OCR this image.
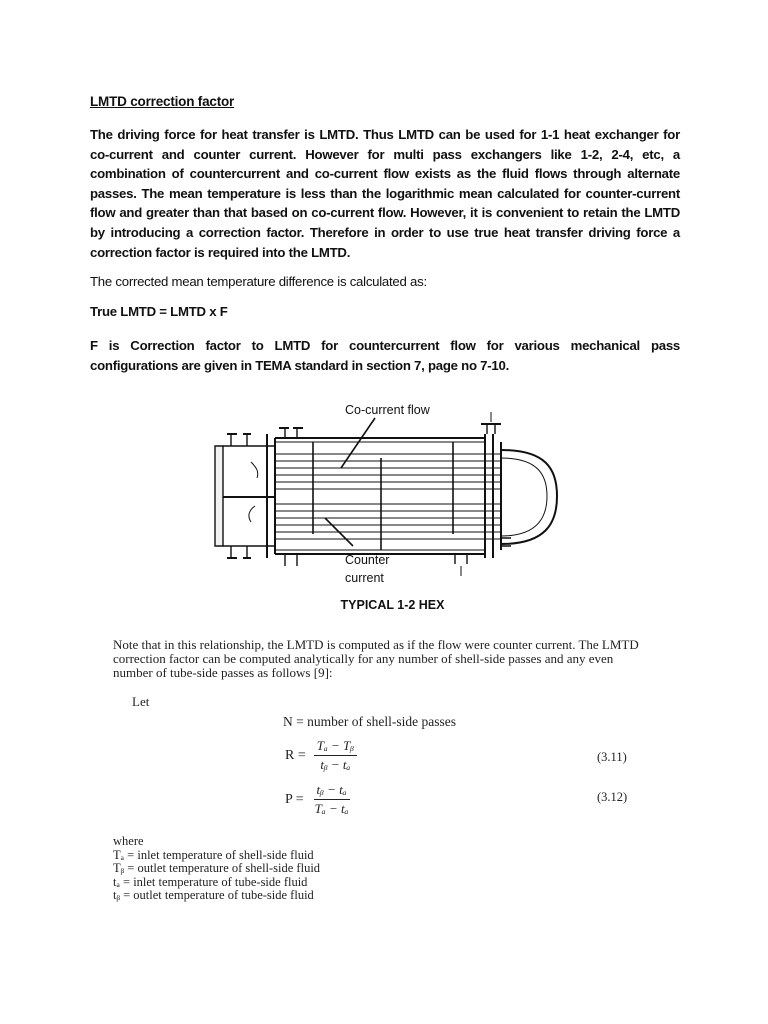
LMTD correction factor
The driving force for heat transfer is LMTD. Thus LMTD can be used for 1-1 heat exchanger for co-current and counter current. However for multi pass exchangers like 1-2, 2-4, etc, a combination of countercurrent and co-current flow exists as the fluid flows through alternate passes. The mean temperature is less than the logarithmic mean calculated for counter-current flow and greater than that based on co-current flow. However, it is convenient to retain the LMTD by introducing a correction factor. Therefore in order to use true heat transfer driving force a correction factor is required into the LMTD.
The corrected mean temperature difference is calculated as:
True LMTD = LMTD x F
F is Correction factor to LMTD for countercurrent flow for various mechanical pass configurations are given in TEMA standard in section 7, page no 7-10.
Co-current flow
Counter
current
TYPICAL 1-2 HEX
Note that in this relationship, the LMTD is computed as if the flow were counter current. The LMTD correction factor can be computed analytically for any number of shell-side passes and any even number of tube-side passes as follows [9]:
Let
N = number of shell-side passes
$R = \frac{\text{Tₐ − Tᵦ}}{\text{tᵦ − tₐ}}$	(3.11)
$P = \frac{\text{tᵦ − tₐ}}{\text{Tₐ − tₐ}}$	(3.12)
where
Tₐ = inlet temperature of shell-side fluid
Tᵦ = outlet temperature of shell-side fluid
tₐ = inlet temperature of tube-side fluid
tᵦ = outlet temperature of tube-side fluid
